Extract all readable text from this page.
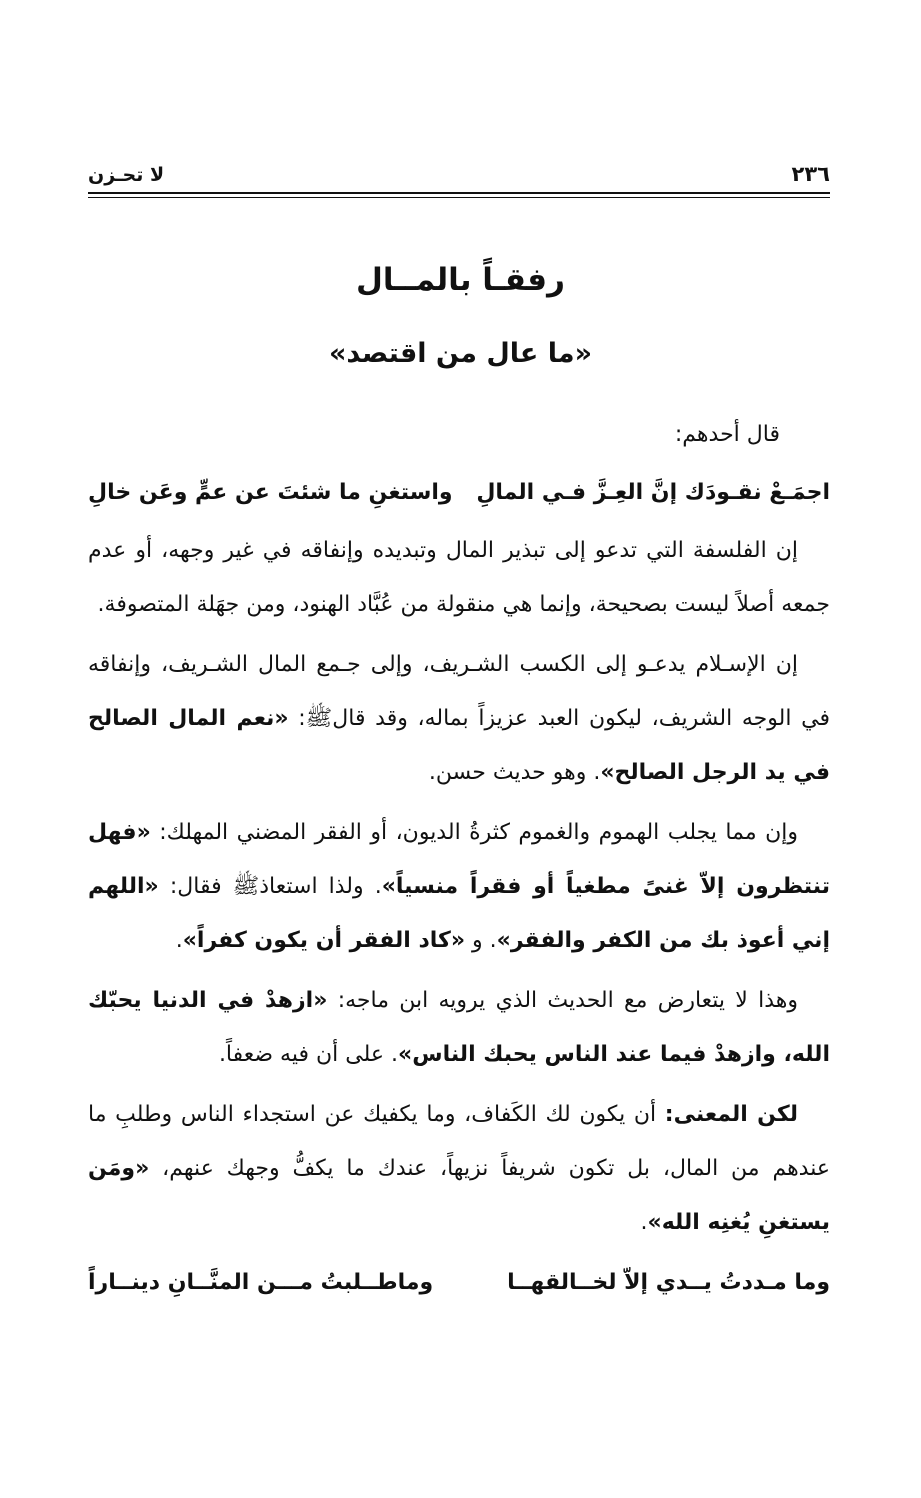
لا تحـزن	٢٣٦
رفقـاً بالمــال
«ما عال من اقتصد»

قال أحدهم:

اجمَـعْ نقـودَك إنَّ العِـزَّ فـي المالِ
واستغنِ ما شئتَ عن عمٍّ وعَن خالِ

إن الفلسفة التي تدعو إلى تبذير المال وتبديده وإنفاقه في غير وجهه، أو عدم جمعه أصلاً ليست بصحيحة، وإنما هي منقولة من عُبَّاد الهنود، ومن جهَلة المتصوفة.

إن الإسـلام يدعـو إلى الكسب الشـريف، وإلى جـمع المال الشـريف، وإنفاقه في الوجه الشريف، ليكون العبد عزيزاً بماله، وقد قالﷺ: «نعم المال الصالح في يد الرجل الصالح». وهو حديث حسن.

وإن مما يجلب الهموم والغموم كثرةُ الديون، أو الفقر المضني المهلك: «فهل تنتظرون إلاّ غنىً مطغياً أو فقراً منسياً». ولذا استعاذﷺ فقال: «اللهم إني أعوذ بك من الكفر والفقر». و «كاد الفقر أن يكون كفراً».

وهذا لا يتعارض مع الحديث الذي يرويه ابن ماجه: «ازهدْ في الدنيا يحبّك الله، وازهدْ فيما عند الناس يحبك الناس». على أن فيه ضعفاً.

لكن المعنى: أن يكون لك الكَفاف، وما يكفيك عن استجداء الناس وطلبِ ما عندهم من المال، بل تكون شريفاً نزيهاً، عندك ما يكفُّ وجهك عنهم، «ومَن يستغنِ يُغنِه الله».

وما مـددتُ يــدي إلاّ لخــالقهــا
وماطــلبتُ مـــن المنَّــانِ دينــاراً
